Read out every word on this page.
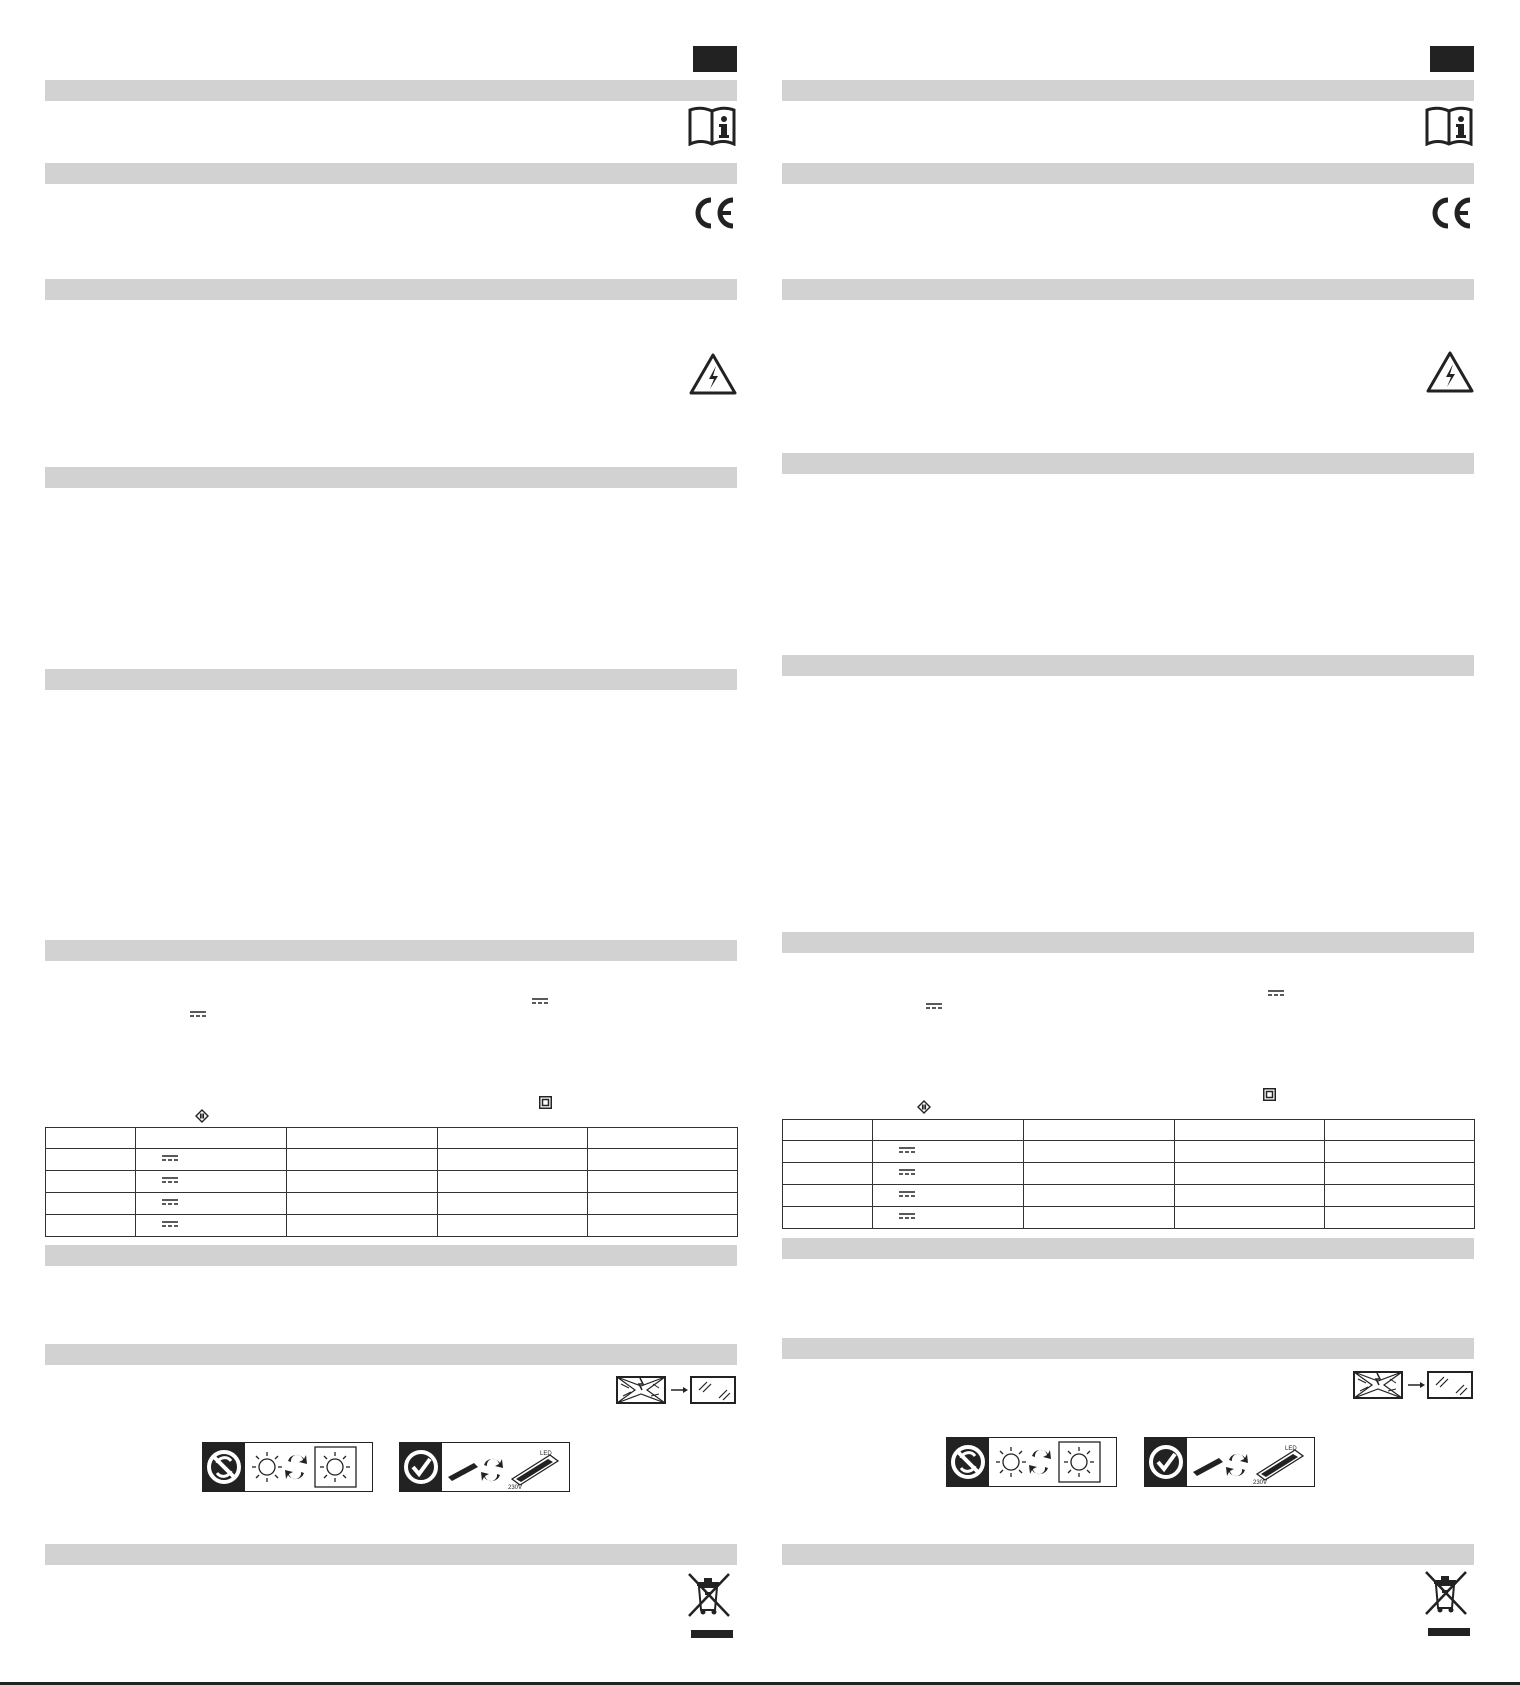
LED
230V

LED
230V
